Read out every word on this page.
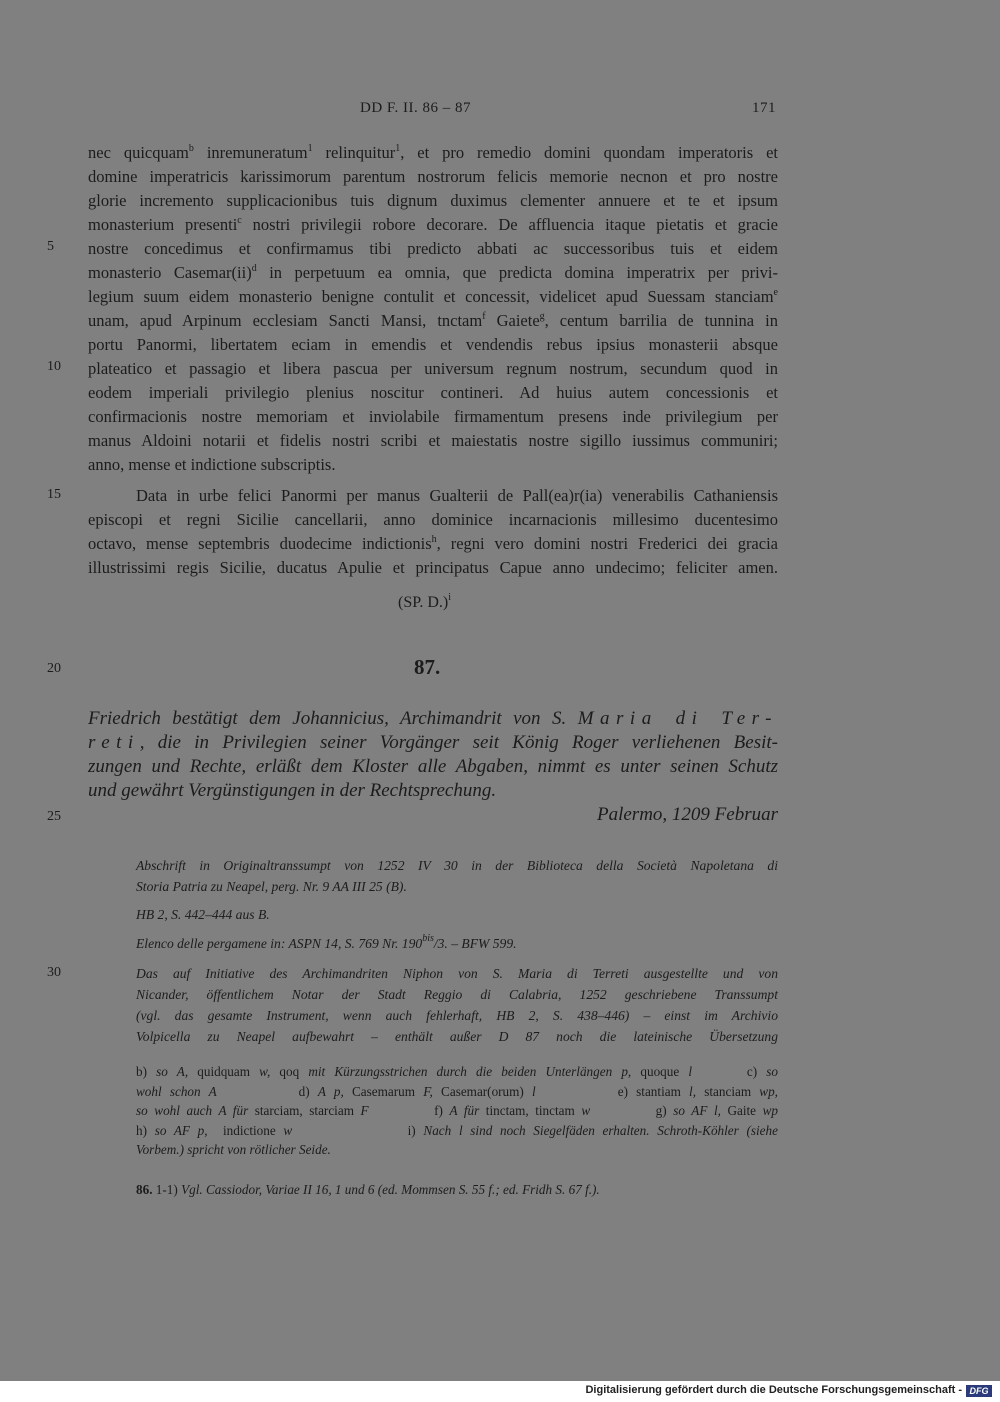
Digitalisierung gefördert durch die Deutsche Forschungsgemeinschaft - DFG
DD F. II. 86 – 87	171
5
10
15
20
25
30
nec quicquam$^b$ inremuneratum$^1$ relinquitur$^1$, et pro remedio domini quondam imperatoris et
domine imperatricis karissimorum parentum nostrorum felicis memorie necnon et pro nostre
glorie incremento supplicacionibus tuis dignum duximus clementer annuere et te et ipsum
monasterium presenti$^c$ nostri privilegii robore decorare. De affluencia itaque pietatis et gracie
nostre concedimus et confirmamus tibi predicto abbati ac successoribus tuis et eidem
monasterio Casemar(ii)$^d$ in perpetuum ea omnia, que predicta domina imperatrix per privi-
legium suum eidem monasterio benigne contulit et concessit, videlicet apud Suessam stanciam$^e$
unam, apud Arpinum ecclesiam Sancti Mansi, tnctam$^f$ Gaiete$^g$, centum barrilia de tunnina in
portu Panormi, libertatem eciam in emendis et vendendis rebus ipsius monasterii absque
plateatico et passagio et libera pascua per universum regnum nostrum, secundum quod in
eodem imperiali privilegio plenius noscitur contineri. Ad huius autem concessionis et
confirmacionis nostre memoriam et inviolabile firmamentum presens inde privilegium per
manus Aldoini notarii et fidelis nostri scribi et maiestatis nostre sigillo iussimus communiri;
anno, mense et indictione subscriptis.
Data in urbe felici Panormi per manus Gualterii de Pall(ea)r(ia) venerabilis Cathaniensis
episcopi et regni Sicilie cancellarii, anno dominice incarnacionis millesimo ducentesimo
octavo, mense septembris duodecime indictionis$^h$, regni vero domini nostri Frederici dei gracia
illustrissimi regis Sicilie, ducatus Apulie et principatus Capue anno undecimo; feliciter amen.
(SP. D.)$^i$
87.
Friedrich bestätigt dem Johannicius, Archimandrit von S. Maria di Ter-
reti, die in Privilegien seiner Vorgänger seit König Roger verliehenen Besit-
zungen und Rechte, erläßt dem Kloster alle Abgaben, nimmt es unter seinen Schutz
und gewährt Vergünstigungen in der Rechtsprechung.
Palermo, 1209 Februar
Abschrift in Originaltranssumpt von 1252 IV 30 in der Biblioteca della Società Napoletana di
Storia Patria zu Neapel, perg. Nr. 9 AA III 25 (B).
HB 2, S. 442–444 aus B.
Elenco delle pergamene in: ASPN 14, S. 769 Nr. $190^{bis}/3$. – BFW 599.
Das auf Initiative des Archimandriten Niphon von S. Maria di Terreti ausgestellte und von
Nicander, öffentlichem Notar der Stadt Reggio di Calabria, 1252 geschriebene Transsumpt
(vgl. das gesamte Instrument, wenn auch fehlerhaft, HB 2, S. 438–446) – einst im Archivio
Volpicella zu Neapel aufbewahrt – enthält außer D 87 noch die lateinische Übersetzung
b) so A, quidquam w, qoq mit Kürzungsstrichen durch die beiden Unterlängen p, quoque l      c) so
wohl schon A          d) A p, Casemarum F, Casemar(orum) l          e) stantiam l, stanciam wp,
so wohl auch A für starciam, starciam F          f) A für tinctam, tinctam w          g) so AF l, Gaite wp
h) so AF p,  indictione w               i) Nach l sind noch Siegelfäden erhalten. Schroth-Köhler (siehe
Vorbem.) spricht von rötlicher Seide.
86. 1-1) Vgl. Cassiodor, Variae II 16, 1 und 6 (ed. Mommsen S. 55 f.; ed. Fridh S. 67 f.).
